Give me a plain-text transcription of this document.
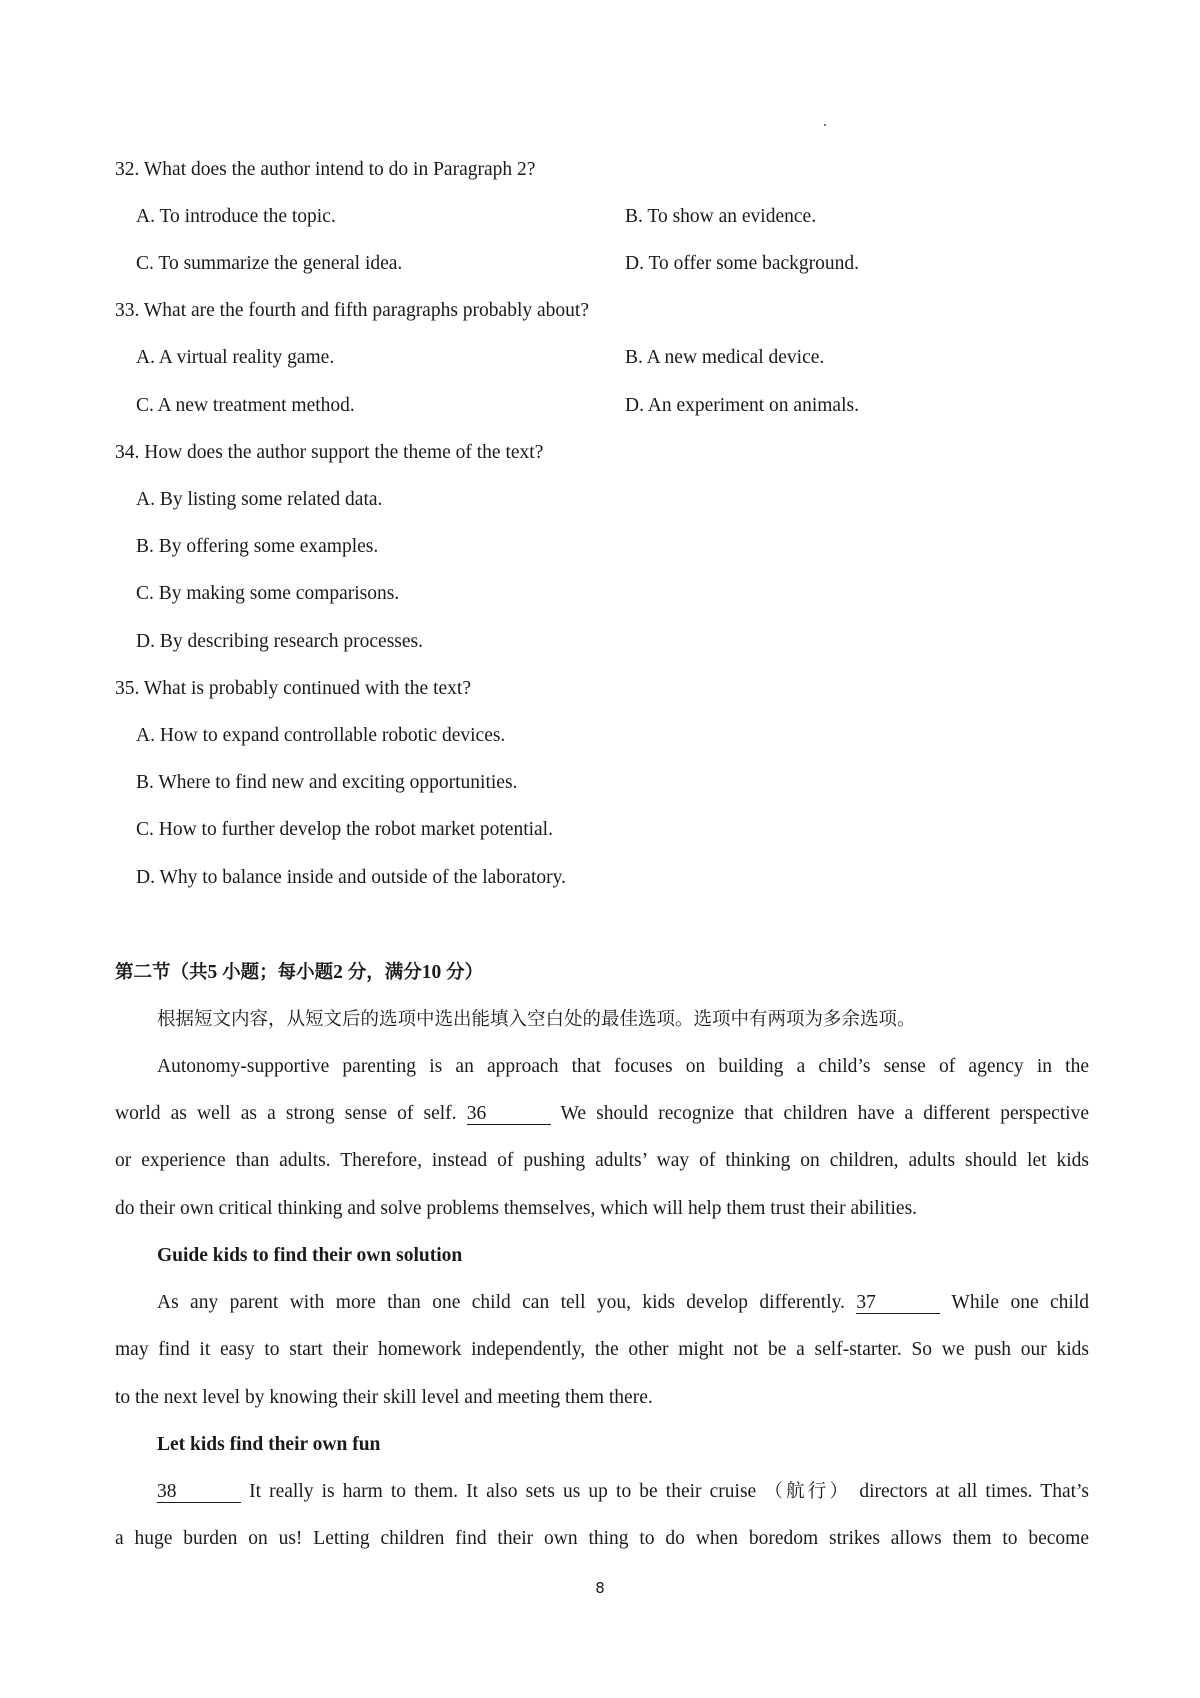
32. What does the author intend to do in Paragraph 2?
A. To introduce the topic.	B. To show an evidence.
C. To summarize the general idea.	D. To offer some background.
33. What are the fourth and fifth paragraphs probably about?
A. A virtual reality game.	B. A new medical device.
C. A new treatment method.	D. An experiment on animals.
34. How does the author support the theme of the text?
A. By listing some related data.
B. By offering some examples.
C. By making some comparisons.
D. By describing research processes.
35. What is probably continued with the text?
A. How to expand controllable robotic devices.
B. Where to find new and exciting opportunities.
C. How to further develop the robot market potential.
D. Why to balance inside and outside of the laboratory.
第二节（共5 小题；每小题2 分，满分10 分）
根据短文内容，从短文后的选项中选出能填入空白处的最佳选项。选项中有两项为多余选项。
Autonomy-supportive parenting is an approach that focuses on building a child’s sense of agency in the
world as well as a strong sense of self. 36	We should recognize that children have a different perspective
or experience than adults. Therefore, instead of pushing adults’ way of thinking on children, adults should let kids
do their own critical thinking and solve problems themselves, which will help them trust their abilities.
Guide kids to find their own solution
As any parent with more than one child can tell you, kids develop differently. 37	While one child
may find it easy to start their homework independently, the other might not be a self-starter. So we push our kids
to the next level by knowing their skill level and meeting them there.
Let kids find their own fun
38	It really is harm to them. It also sets us up to be their cruise （航行） directors at all times. That’s
a huge burden on us! Letting children find their own thing to do when boredom strikes allows them to become
8
